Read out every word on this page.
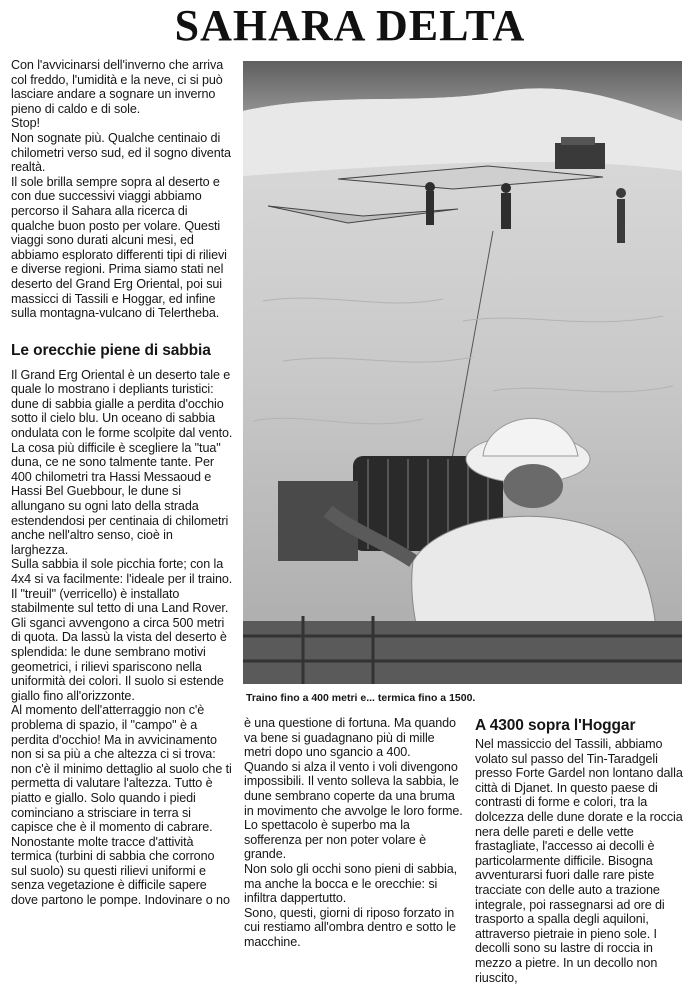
SAHARA DELTA

Con l'avvicinarsi dell'inverno che arriva col freddo, l'umidità e la neve, ci si può lasciare andare a sognare un inverno pieno di caldo e di sole.

Stop!

Non sognate più. Qualche centinaio di chilometri verso sud, ed il sogno diventa realtà.

Il sole brilla sempre sopra al deserto e con due successivi viaggi abbiamo percorso il Sahara alla ricerca di qualche buon posto per volare. Questi viaggi sono durati alcuni mesi, ed abbiamo esplorato differenti tipi di rilievi e diverse regioni. Prima siamo stati nel deserto del Grand Erg Oriental, poi sui massicci di Tassili e Hoggar, ed infine sulla montagna-vulcano di Telertheba.

Le orecchie piene di sabbia

Il Grand Erg Oriental è un deserto tale e quale lo mostrano i depliants turistici: dune di sabbia gialle a perdita d'occhio sotto il cielo blu. Un oceano di sabbia ondulata con le forme scolpite dal vento.

La cosa più difficile è scegliere la "tua" duna, ce ne sono talmente tante. Per 400 chilometri tra Hassi Messaoud e Hassi Bel Guebbour, le dune si allungano su ogni lato della strada estendendosi per centinaia di chilometri anche nell'altro senso, cioè in larghezza.

Sulla sabbia il sole picchia forte; con la 4x4 si va facilmente: l'ideale per il traino.

Il "treuil" (verricello) è installato stabilmente sul tetto di una Land Rover. Gli sganci avvengono a circa 500 metri di quota. Da lassù la vista del deserto è splendida: le dune sembrano motivi geometrici, i rilievi spariscono nella uniformità dei colori. Il suolo si estende giallo fino all'orizzonte.

Al momento dell'atterraggio non c'è problema di spazio, il "campo" è a perdita d'occhio! Ma in avvicinamento non si sa più a che altezza ci si trova: non c'è il minimo dettaglio al suolo che ti permetta di valutare l'altezza. Tutto è piatto e giallo. Solo quando i piedi cominciano a strisciare in terra si capisce che è il momento di cabrare.

Nonostante molte tracce d'attività termica (turbini di sabbia che corrono sul suolo) su questi rilievi uniformi e senza vegetazione è difficile sapere dove partono le pompe. Indovinare o no

Traino fino a 400 metri e... termica fino a 1500.

è una questione di fortuna. Ma quando va bene si guadagnano più di mille metri dopo uno sgancio a 400.

Quando si alza il vento i voli divengono impossibili. Il vento solleva la sabbia, le dune sembrano coperte da una bruma in movimento che avvolge le loro forme. Lo spettacolo è superbo ma la sofferenza per non poter volare è grande.

Non solo gli occhi sono pieni di sabbia, ma anche la bocca e le orecchie: si infiltra dappertutto.

Sono, questi, giorni di riposo forzato in cui restiamo all'ombra dentro e sotto le macchine.

A 4300 sopra l'Hoggar

Nel massiccio del Tassili, abbiamo volato sul passo del Tin-Taradgeli presso Forte Gardel non lontano dalla città di Djanet. In questo paese di contrasti di forme e colori, tra la dolcezza delle dune dorate e la roccia nera delle pareti e delle vette frastagliate, l'accesso ai decolli è particolarmente difficile. Bisogna avventurarsi fuori dalle rare piste tracciate con delle auto a trazione integrale, poi rassegnarsi ad ore di trasporto a spalla degli aquiloni, attraverso pietraie in pieno sole. I decolli sono su lastre di roccia in mezzo a pietre. In un decollo non riuscito,
